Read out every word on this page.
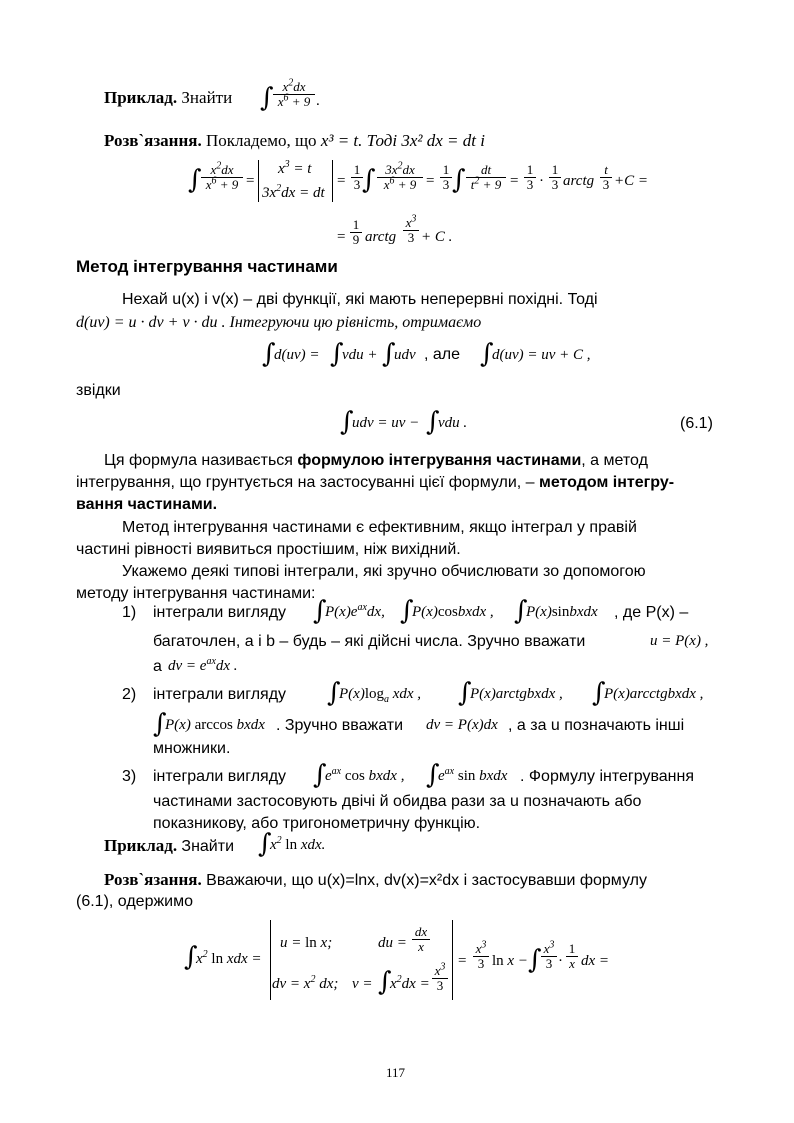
Приклад. Знайти ∫ $\frac{x^2dx}{x^6 + 9}$ .
Розв`язання. Покладемо, що x³ = t. Тоді 3x² dx = dt і
∫ $\frac{x^2dx}{x^6 + 9}$ =
$x^3 = t$
$3x^2dx$ = dt
= $\frac{1}{3}$ ∫ $\frac{3x^2dx}{x^6 + 9} = \frac{1}{3}$ ∫ $\frac{dt}{t^2 + 9} = \frac{1}{3} \cdot \frac{1}{3}$ arctg $\frac{t}{3} +C$ =
= $\frac{1}{9}$ arctg $\frac{x^3}{3} + C$ .
Метод інтегрування частинами
Нехай u(x) і v(x) – дві функції, які мають неперервні похідні. Тоді
d(uv) = u · dv + v · du . Інтегруючи цю рівність, отримаємо
∫
d(uv) = ∫
vdu + ∫
udv , але ∫
d(uv) = uv + C ,
звідки
∫
udv = uv − ∫
vdu .	(6.1)
Ця формула називається формулою інтегрування частинами, а метод
інтегрування, що грунтується на застосуванні цієї формули, – методом інтегру-
вання частинами.
Метод інтегрування частинами є ефективним, якщо інтеграл у правій
частині рівності виявиться простішим, ніж вихідний.
Укажемо деякі типові інтеграли, які зручно обчислювати зо допомогою
методу інтегрування частинами:
1) інтеграли вигляду ∫
$P(x)e^{ax}dx$, ∫
P(x)cosbxdx , ∫
P(x)sinbxdx , де P(x) –
багаточлен, a і b – будь – які дійсні числа. Зручно вважати	u = P(x) ,
а dv = $e^{ax}dx$ .
2) інтеграли вигляду ∫
$P(x)\log_a$ xdx , ∫
P(x)arctgbxdx , ∫
P(x)arcctgbxdx ,
∫
P(x) arccos bxdx . Зручно вважати dv = P(x)dx , а за u позначають інші
множники.
3) інтеграли вигляду ∫
$e^{ax}$ cos bxdx , ∫
$e^{ax}$ sin bxdx . Формулу інтегрування
частинами застосовують двічі й обидва рази за u позначають або
показникову, або тригонометричну функцію.
Приклад. Знайти ∫
$x^2$ ln xdx.
Розв`язання. Вважаючи, що u(x)=lnx, dv(x)=x²dx і застосувавши формулу
(6.1), одержимо
∫
$x^2$ ln xdx =
u = ln x;	du = $\frac{dx}{x}$
dv = $x^2$ dx; v = ∫
$x^2dx = \frac{x^3}{3}$
= $\frac{x^3}{3}$ ln x − ∫ $\frac{x^3}{3} \cdot \frac{1}{x}$ dx =
117
